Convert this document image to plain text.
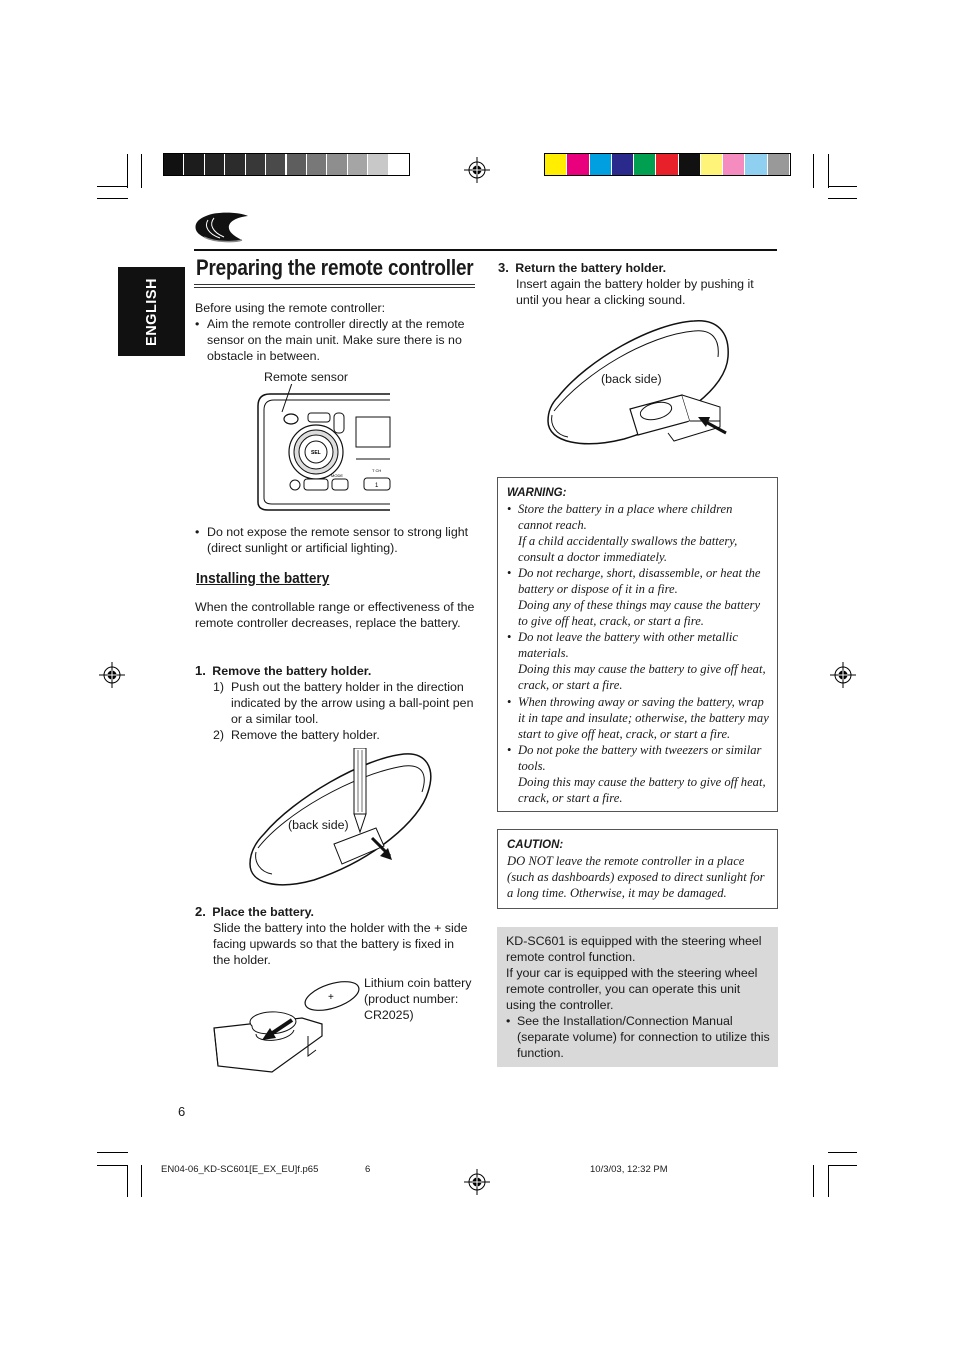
ENGLISH
Preparing the remote controller
Before using the remote controller:
• Aim the remote controller directly at the remote sensor on the main unit. Make sure there is no obstacle in between.
Remote sensor
SEL
MODE
T CH
1
• Do not expose the remote sensor to strong light (direct sunlight or artificial lighting).
Installing the battery
When the controllable range or effectiveness of the remote controller decreases, replace the battery.
1. Remove the battery holder.
1) Push out the battery holder in the direction indicated by the arrow using a ball-point pen or a similar tool.
2) Remove the battery holder.
(back side)
2. Place the battery.
Slide the battery into the holder with the + side facing upwards so that the battery is fixed in the holder.
+
Lithium coin battery (product number: CR2025)
3. Return the battery holder.
Insert again the battery holder by pushing it until you hear a clicking sound.
(back side)
WARNING:
• Store the battery in a place where children cannot reach.
If a child accidentally swallows the battery, consult a doctor immediately.
• Do not recharge, short, disassemble, or heat the battery or dispose of it in a fire.
Doing any of these things may cause the battery to give off heat, crack, or start a fire.
• Do not leave the battery with other metallic materials.
Doing this may cause the battery to give off heat, crack, or start a fire.
• When throwing away or saving the battery, wrap it in tape and insulate; otherwise, the battery may start to give off heat, crack, or start a fire.
• Do not poke the battery with tweezers or similar tools.
Doing this may cause the battery to give off heat, crack, or start a fire.
CAUTION:
DO NOT leave the remote controller in a place (such as dashboards) exposed to direct sunlight for a long time. Otherwise, it may be damaged.
KD-SC601 is equipped with the steering wheel remote control function.
If your car is equipped with the steering wheel remote controller, you can operate this unit using the controller.
• See the Installation/Connection Manual (separate volume) for connection to utilize this function.
6
EN04-06_KD-SC601[E_EX_EU]f.p65	6	10/3/03, 12:32 PM
